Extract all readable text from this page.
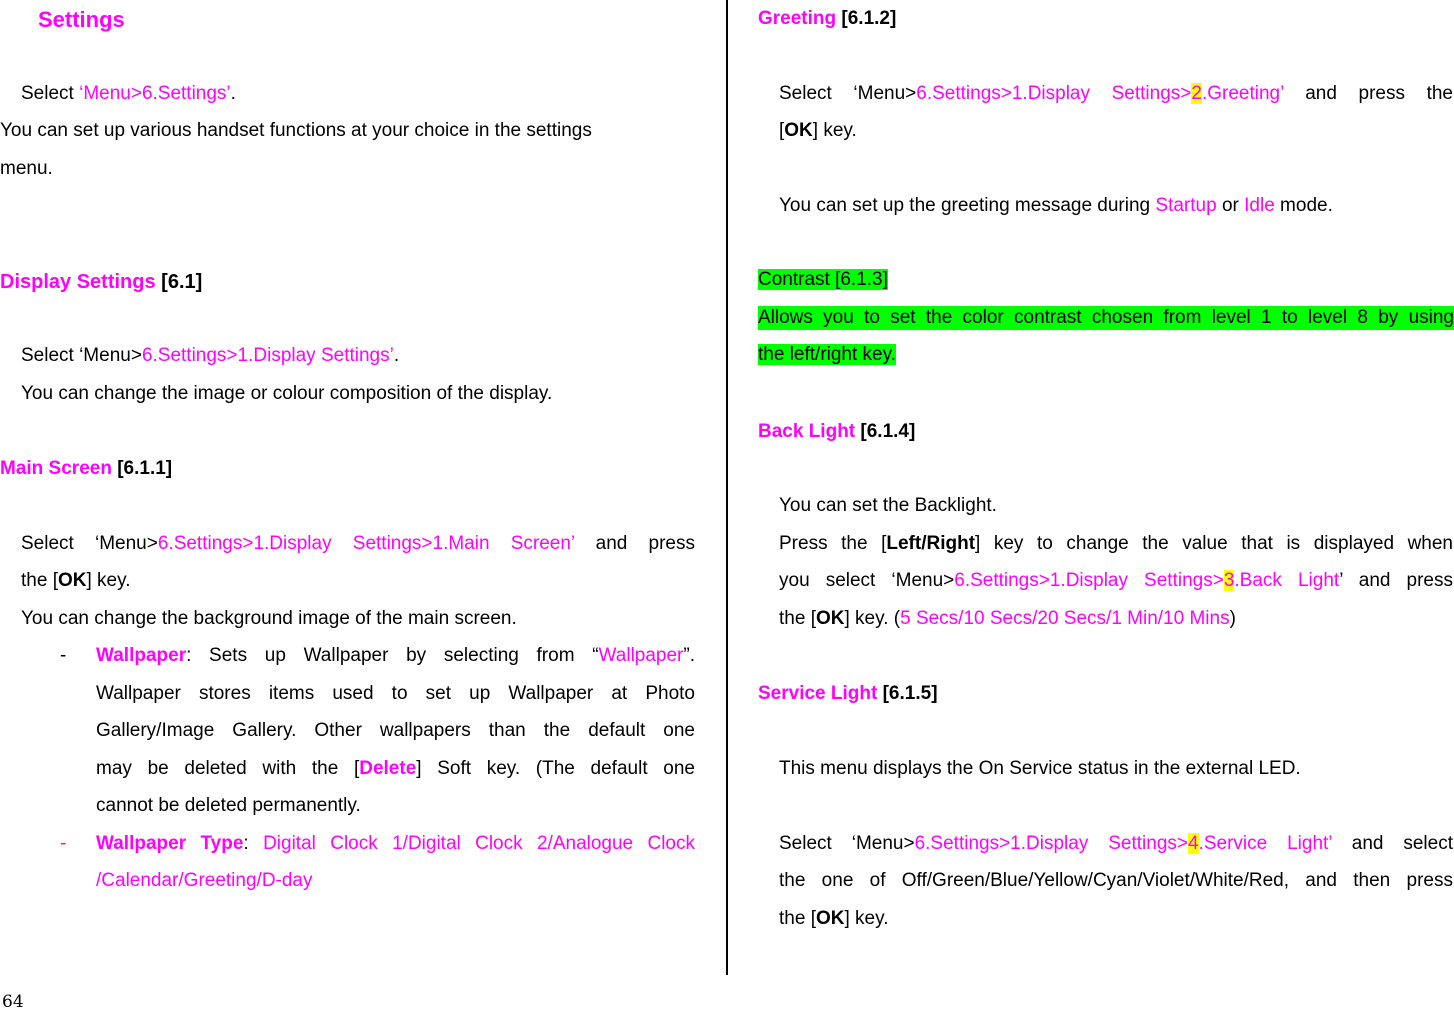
Settings
Select ‘Menu>6.Settings’.
You can set up various handset functions at your choice in the settings
menu.
Display Settings [6.1]
Select ‘Menu>6.Settings>1.Display Settings’.
You can change the image or colour composition of the display.
Main Screen [6.1.1]
Select ‘Menu>6.Settings>1.Display Settings>1.Main Screen’ and press
the [OK] key.
You can change the background image of the main screen.
- Wallpaper: Sets up Wallpaper by selecting from “Wallpaper”.
Wallpaper stores items used to set up Wallpaper at Photo
Gallery/Image Gallery. Other wallpapers than the default one
may be deleted with the [Delete] Soft key. (The default one
cannot be deleted permanently.
- Wallpaper Type: Digital Clock 1/Digital Clock 2/Analogue Clock
/Calendar/Greeting/D-day
Greeting [6.1.2]
Select ‘Menu>6.Settings>1.Display Settings>2.Greeting’ and press the
[OK] key.
You can set up the greeting message during Startup or Idle mode.
Contrast [6.1.3]
Allows you to set the color contrast chosen from level 1 to level 8 by using
the left/right key.
Back Light [6.1.4]
You can set the Backlight.
Press the [Left/Right] key to change the value that is displayed when
you select ‘Menu>6.Settings>1.Display Settings>3.Back Light’ and press
the [OK] key. (5 Secs/10 Secs/20 Secs/1 Min/10 Mins)
Service Light [6.1.5]
This menu displays the On Service status in the external LED.
Select ‘Menu>6.Settings>1.Display Settings>4.Service Light’ and select
the one of Off/Green/Blue/Yellow/Cyan/Violet/White/Red, and then press
the [OK] key.
64
